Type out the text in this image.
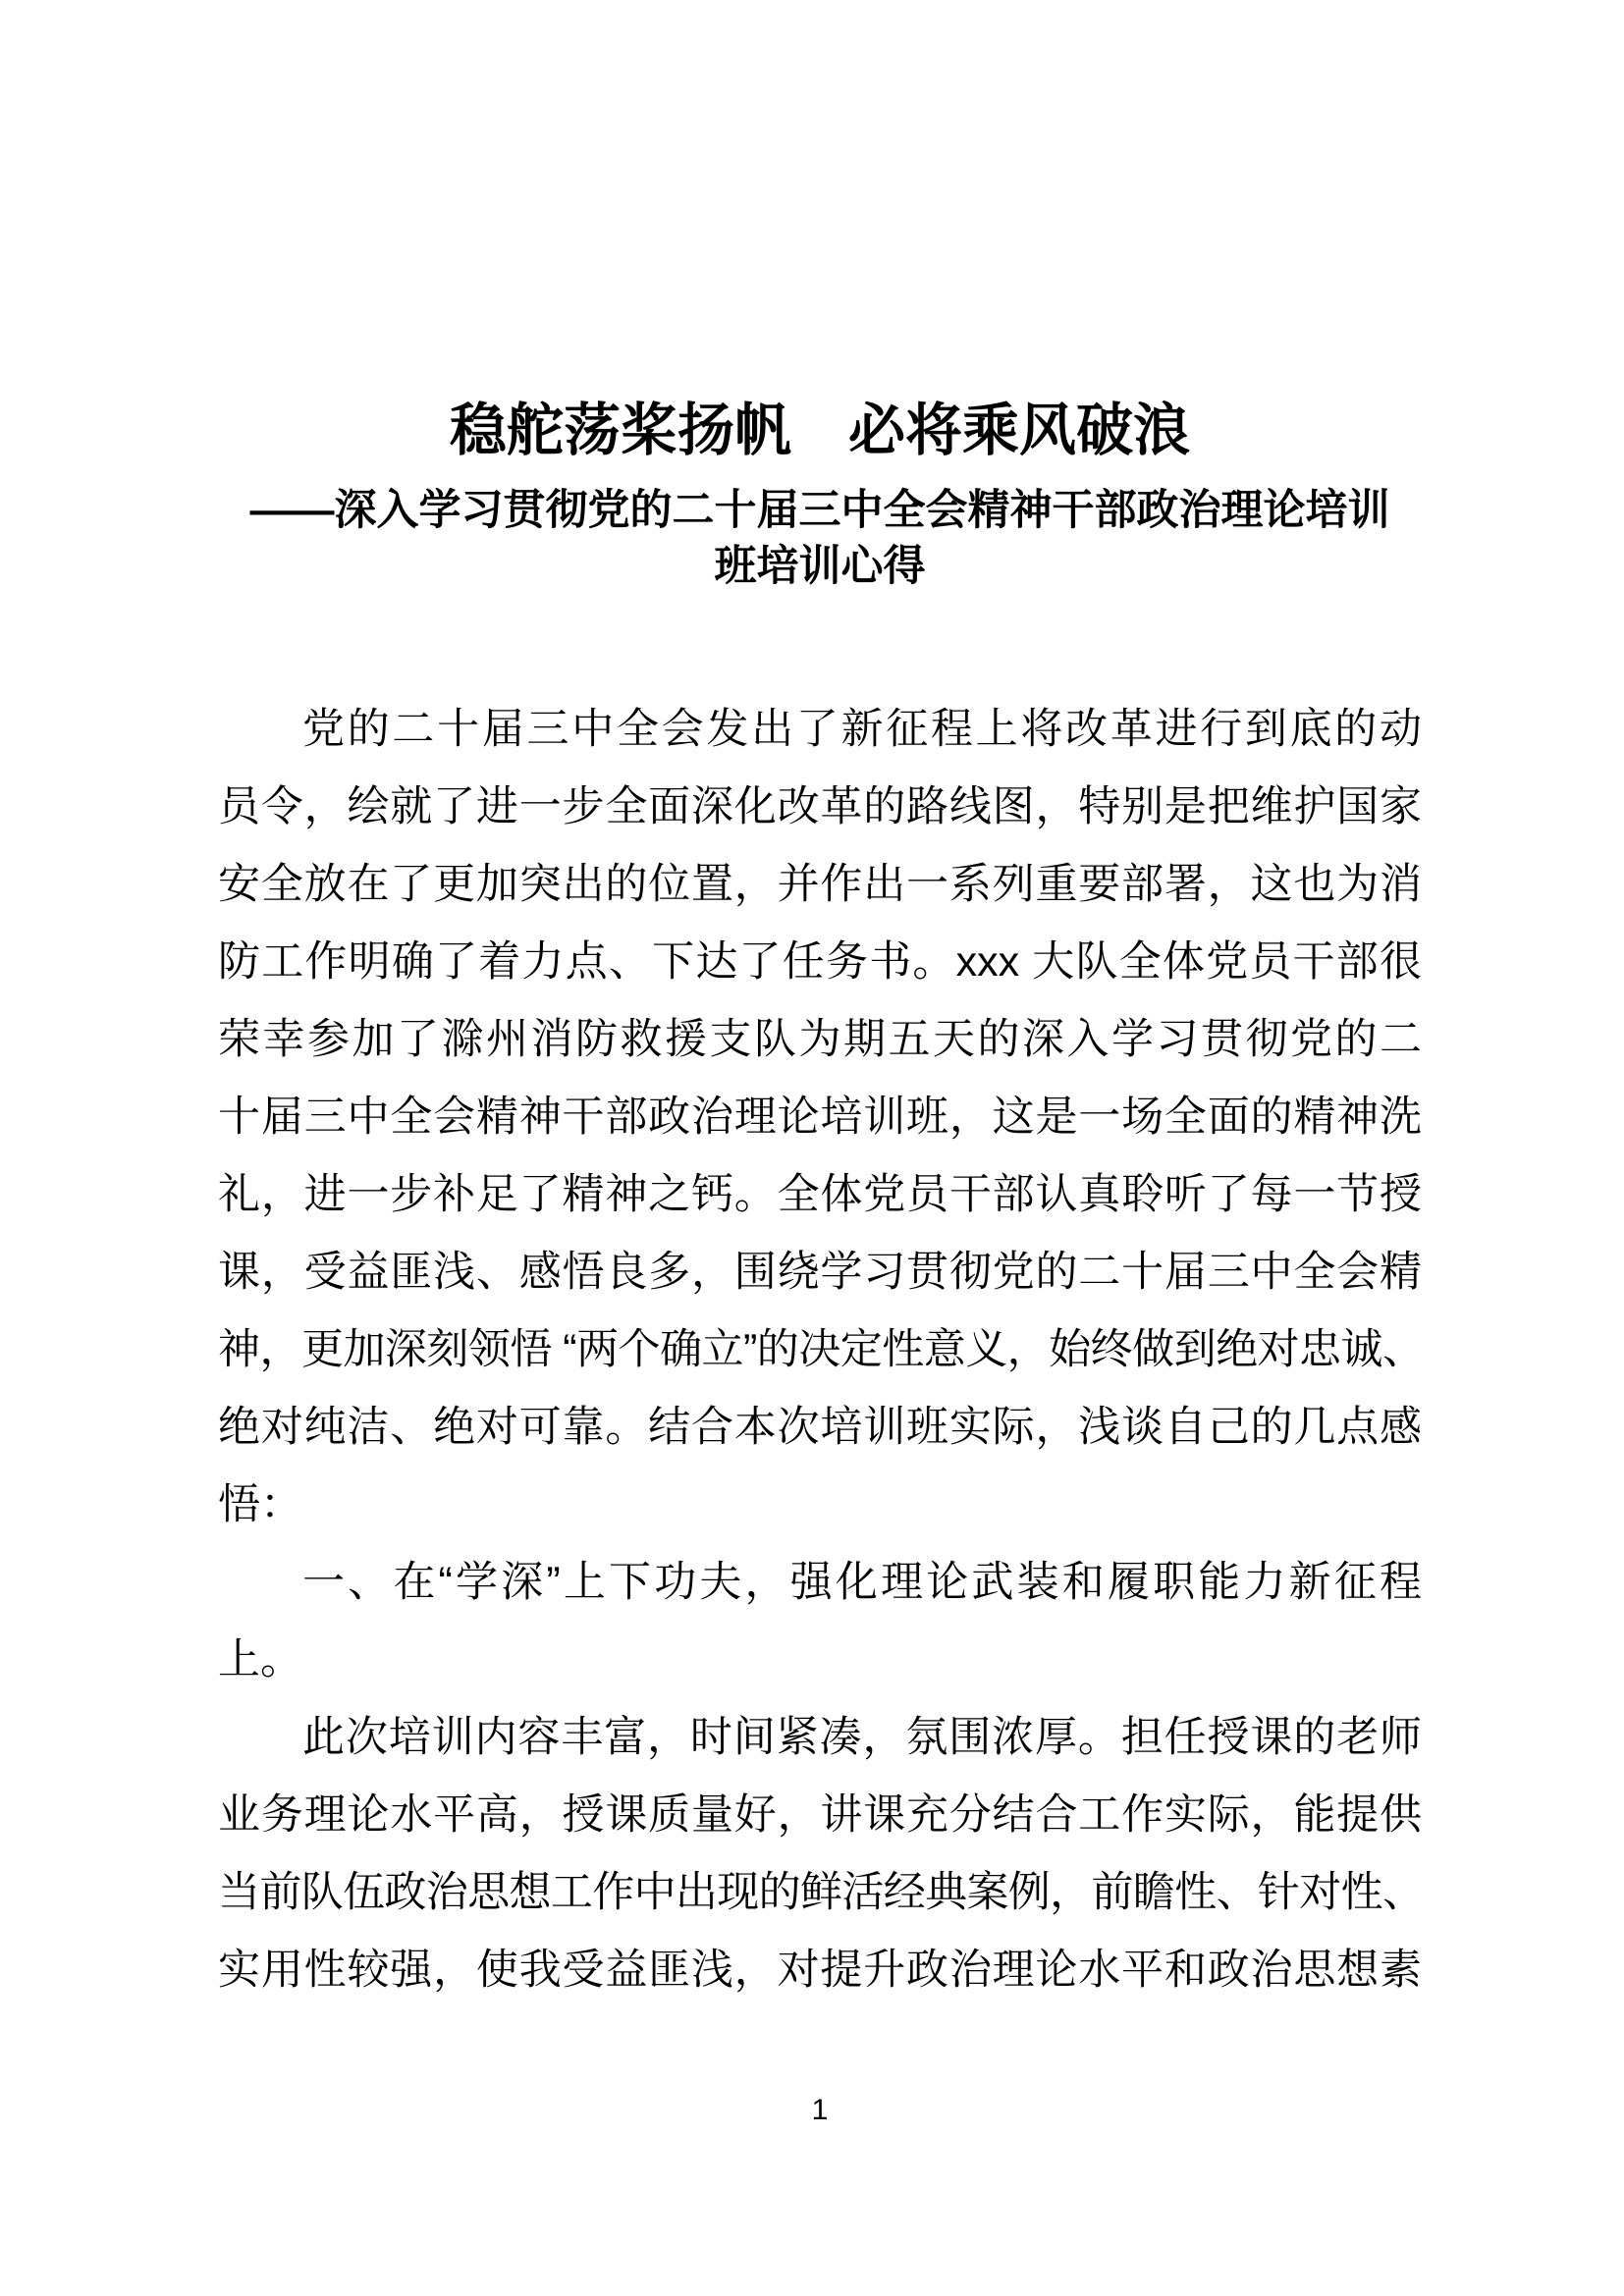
稳舵荡桨扬帆　必将乘风破浪
——深入学习贯彻党的二十届三中全会精神干部政治理论培训
班培训心得
党的二十届三中全会发出了新征程上将改革进行到底的动
员令，绘就了进一步全面深化改革的路线图，特别是把维护国家
安全放在了更加突出的位置，并作出一系列重要部署，这也为消
防工作明确了着力点、下达了任务书。xxx 大队全体党员干部很
荣幸参加了滁州消防救援支队为期五天的深入学习贯彻党的二
十届三中全会精神干部政治理论培训班，这是一场全面的精神洗
礼，进一步补足了精神之钙。全体党员干部认真聆听了每一节授
课，受益匪浅、感悟良多，围绕学习贯彻党的二十届三中全会精
神，更加深刻领悟 “两个确立”的决定性意义，始终做到绝对忠诚、
绝对纯洁、绝对可靠。结合本次培训班实际，浅谈自己的几点感
悟：
一、在“学深”上下功夫，强化理论武装和履职能力新征程
上。
此次培训内容丰富，时间紧凑，氛围浓厚。担任授课的老师
业务理论水平高，授课质量好，讲课充分结合工作实际，能提供
当前队伍政治思想工作中出现的鲜活经典案例，前瞻性、针对性、
实用性较强，使我受益匪浅，对提升政治理论水平和政治思想素
1
